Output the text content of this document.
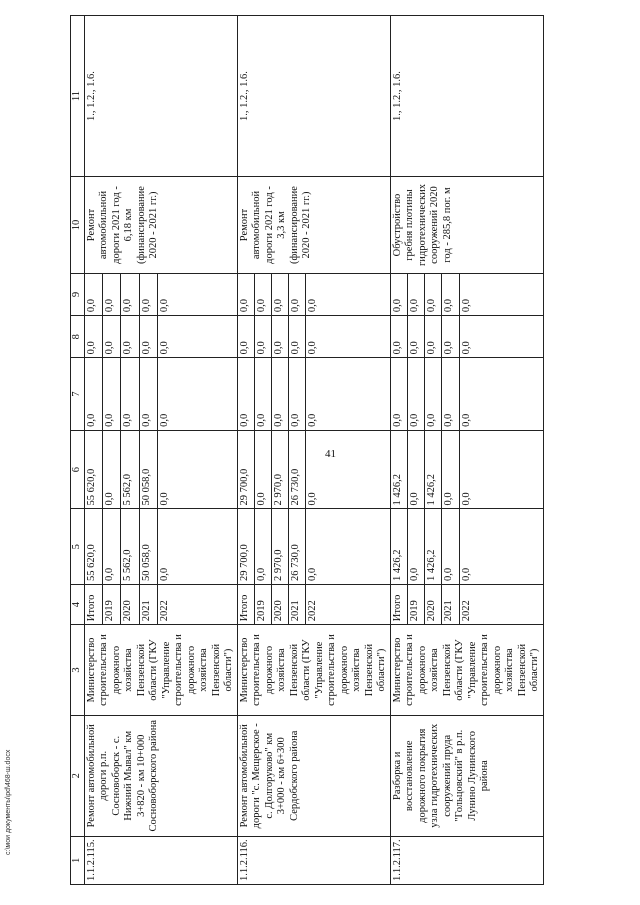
41
1	2	3	4	5	6	7	8	9	10	11
1.1.2.115.	Ремонт автомобильной дороги р.п. Сосновоборск - с. Нижний Мывал" км 3+820 - км 10+000 Сосновоборского района	Министерство строительства и дорожного хозяйства Пензенской области (ГКУ "Управление строительства и дорожного хозяйства Пензенской области")	Итого	55 620,0	55 620,0	0,0	0,0	0,0	Ремонт автомобильной дороги 2021 год - 6,18 км (финансирование 2020 - 2021 гг.)	1., 1.2., 1.6.
			2019	0,0	0,0	0,0	0,0	0,0		
			2020	5 562,0	5 562,0	0,0	0,0	0,0		
			2021	50 058,0	50 058,0	0,0	0,0	0,0		
			2022	0,0	0,0	0,0	0,0	0,0		

1.1.2.116.	Ремонт автомобильной дороги "с. Мещерское - с. Долгоруково" км 3+000 - км 6+300 Сердобского района	Министерство строительства и дорожного хозяйства Пензенской области (ГКУ "Управление строительства и дорожного хозяйства Пензенской области")	Итого	29 700,0	29 700,0	0,0	0,0	0,0	Ремонт автомобильной дороги 2021 год - 3,3 км (финансирование 2020 - 2021 гг.)	1., 1.2., 1.6.
			2019	0,0	0,0	0,0	0,0	0,0		
			2020	2 970,0	2 970,0	0,0	0,0	0,0		
			2021	26 730,0	26 730,0	0,0	0,0	0,0		
			2022	0,0	0,0	0,0	0,0	0,0		

1.1.2.117.	Разборка и восстановление дорожного покрытия узла гидротехнических сооружений пруда "Гольцовский" в р.п. Лунино Лунинского района	Министерство строительства и дорожного хозяйства Пензенской области (ГКУ "Управление строительства и дорожного хозяйства Пензенской области")	Итого	1 426,2	1 426,2	0,0	0,0	0,0	Обустройство гребня плотины гидротехнических сооружений 2020 год - 285,8 пог. м	1., 1.2., 1.6.
			2019	0,0	0,0	0,0	0,0	0,0		
			2020	1 426,2	1 426,2	0,0	0,0	0,0		
			2021	0,0	0,0	0,0	0,0	0,0		
			2022	0,0	0,0	0,0	0,0	0,0		

c:\мои документы\pd\468-ш.docx
